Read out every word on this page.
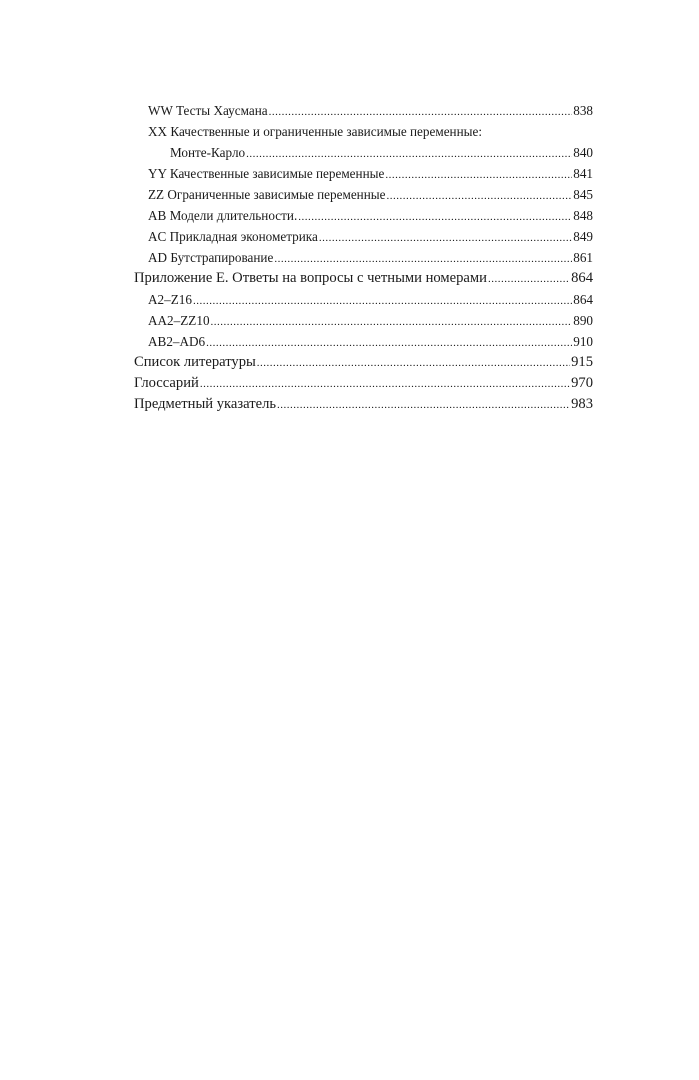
WW Тесты Хаусмана .....	838
XX Качественные и ограниченные зависимые переменные:
Монте-Карло .....	840
YY Качественные зависимые переменные .....	841
ZZ Ограниченные зависимые переменные .....	845
AB Модели длительности. .....	848
AC Прикладная эконометрика .....	849
AD Бутстрапирование .....	861
Приложение Е. Ответы на вопросы с четными номерами .....	864
A2–Z16 .....	864
AA2–ZZ10 .....	890
AB2–AD6 .....	910
Список литературы .....	915
Глоссарий .....	970
Предметный указатель .....	983
